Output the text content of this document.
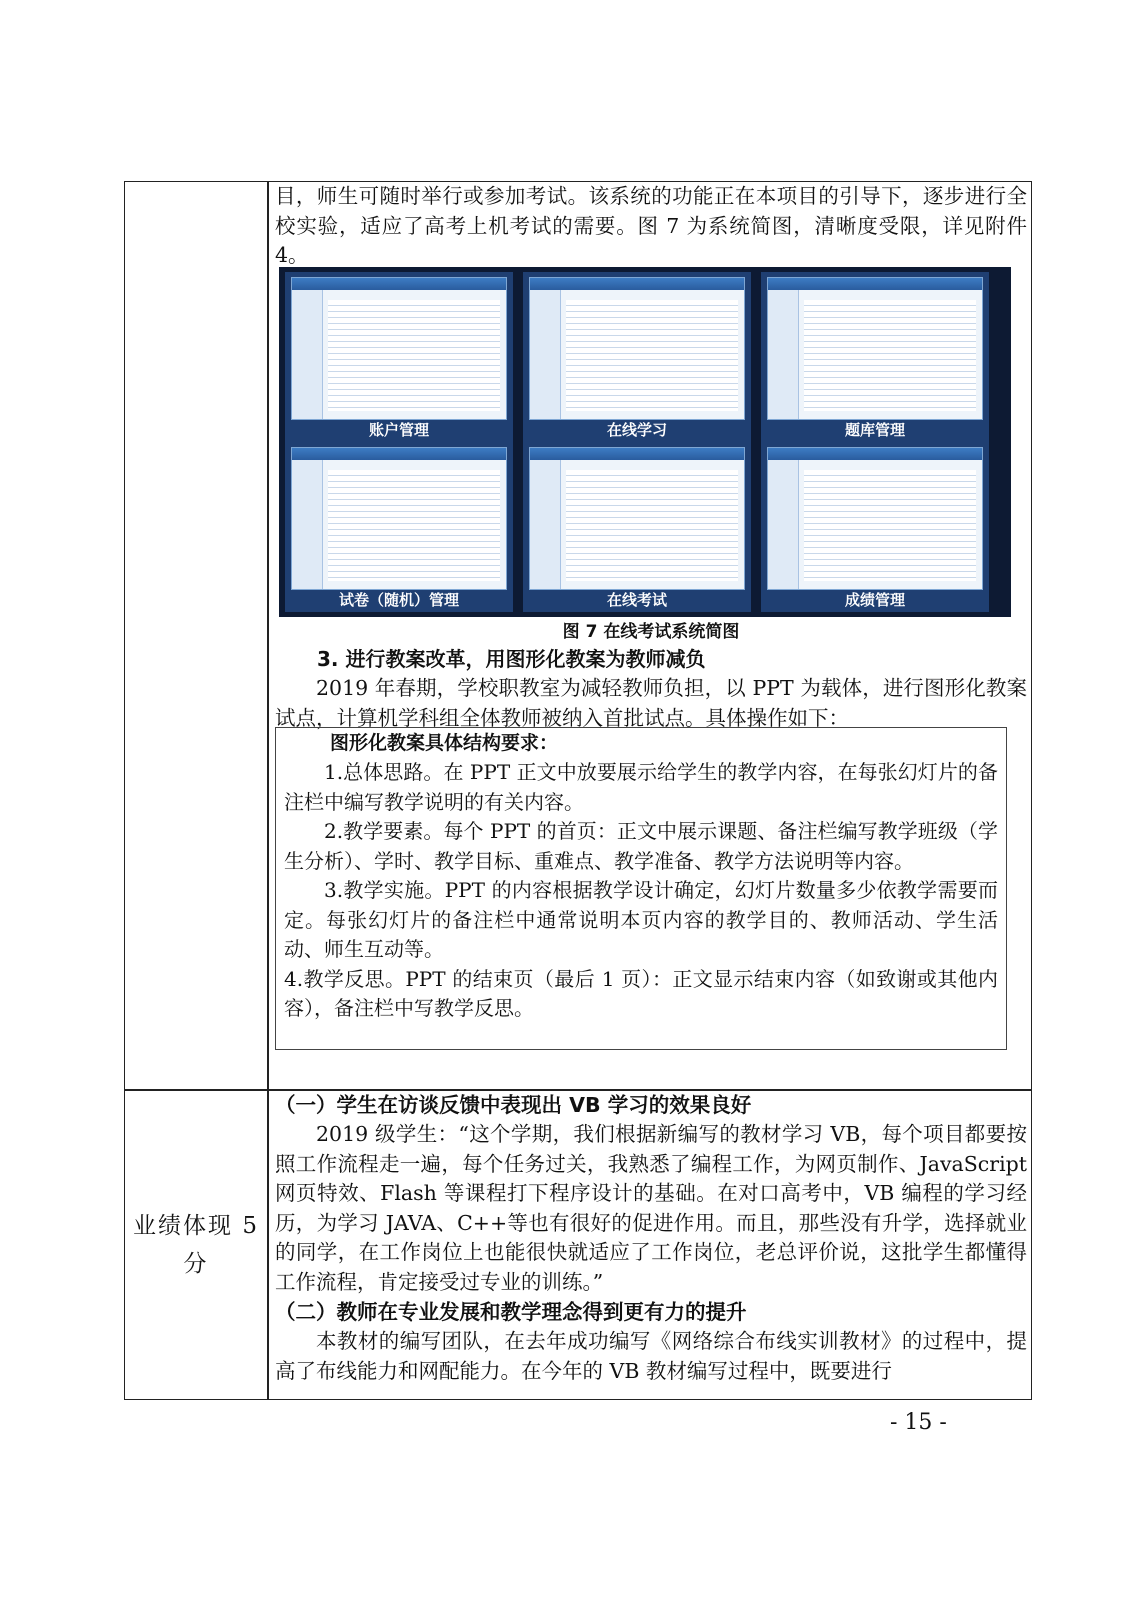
目，师生可随时举行或参加考试。该系统的功能正在本项目的引导下，逐步进行全校实验，适应了高考上机考试的需要。图 7 为系统简图，清晰度受限，详见附件 4。

账户管理	在线学习	题库管理
试卷（随机）管理	在线考试	成绩管理
图 7 在线考试系统简图
3. 进行教案改革，用图形化教案为教师减负

2019 年春期，学校职教室为减轻教师负担，以 PPT 为载体，进行图形化教案试点，计算机学科组全体教师被纳入首批试点。具体操作如下：

图形化教案具体结构要求：

1.总体思路。在 PPT 正文中放要展示给学生的教学内容，在每张幻灯片的备注栏中编写教学说明的有关内容。

2.教学要素。每个 PPT 的首页：正文中展示课题、备注栏编写教学班级（学生分析）、学时、教学目标、重难点、教学准备、教学方法说明等内容。

3.教学实施。PPT 的内容根据教学设计确定，幻灯片数量多少依教学需要而定。每张幻灯片的备注栏中通常说明本页内容的教学目的、教师活动、学生活动、师生互动等。

4.教学反思。PPT 的结束页（最后 1 页）：正文显示结束内容（如致谢或其他内容），备注栏中写教学反思。

业绩体现 5 分
（一）学生在访谈反馈中表现出 VB 学习的效果良好

2019 级学生：“这个学期，我们根据新编写的教材学习 VB，每个项目都要按照工作流程走一遍，每个任务过关，我熟悉了编程工作，为网页制作、JavaScript 网页特效、Flash 等课程打下程序设计的基础。在对口高考中，VB 编程的学习经历，为学习 JAVA、C++等也有很好的促进作用。而且，那些没有升学，选择就业的同学，在工作岗位上也能很快就适应了工作岗位，老总评价说，这批学生都懂得工作流程，肯定接受过专业的训练。”

（二）教师在专业发展和教学理念得到更有力的提升

本教材的编写团队，在去年成功编写《网络综合布线实训教材》的过程中，提高了布线能力和网配能力。在今年的 VB 教材编写过程中，既要进行

- 15 -
